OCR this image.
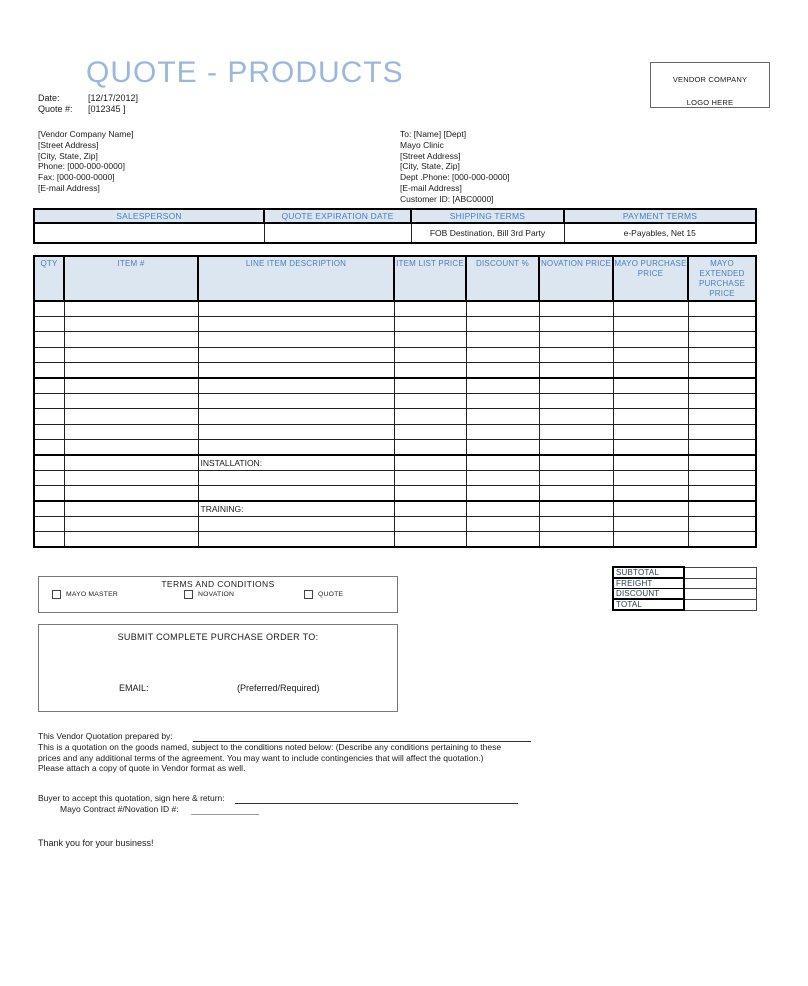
QUOTE - PRODUCTS	VENDOR COMPANY
LOGO HERE
Date:	[12/17/2012]
Quote #:	[012345 ]
[Vendor Company Name]
[Street Address]
[City, State, Zip]
Phone: [000-000-0000]
Fax: [000-000-0000]
[E-mail Address]
To: [Name] [Dept]
Mayo Clinic
[Street Address]
[City, State, Zip]
Dept .Phone: [000-000-0000]
[E-mail Address]
Customer ID: [ABC0000]
SALESPERSON	QUOTE EXPIRATION DATE	SHIPPING TERMS	PAYMENT TERMS
		FOB Destination, Bill 3rd Party	e-Payables, Net 15
QTY	ITEM #	LINE ITEM DESCRIPTION	ITEM LIST PRICE	DISCOUNT %	NOVATION PRICE	MAYO PURCHASE PRICE	MAYO EXTENDED PURCHASE PRICE

		INSTALLATION:					

		TRAINING:					

SUBTOTAL	
FREIGHT	
DISCOUNT	
TOTAL	
TERMS AND CONDITIONS
MAYO MASTER	NOVATION	QUOTE
SUBMIT COMPLETE PURCHASE ORDER TO:
EMAIL:	(Preferred/Required)
This Vendor Quotation prepared by:
This is a quotation on the goods named, subject to the conditions noted below: (Describe any conditions pertaining to these
prices and any additional terms of the agreement. You may want to include contingencies that will affect the quotation.)
Please attach a copy of quote in Vendor format as well.
Buyer to accept this quotation, sign here & return:
Mayo Contract #/Novation ID #:
Thank you for your business!
